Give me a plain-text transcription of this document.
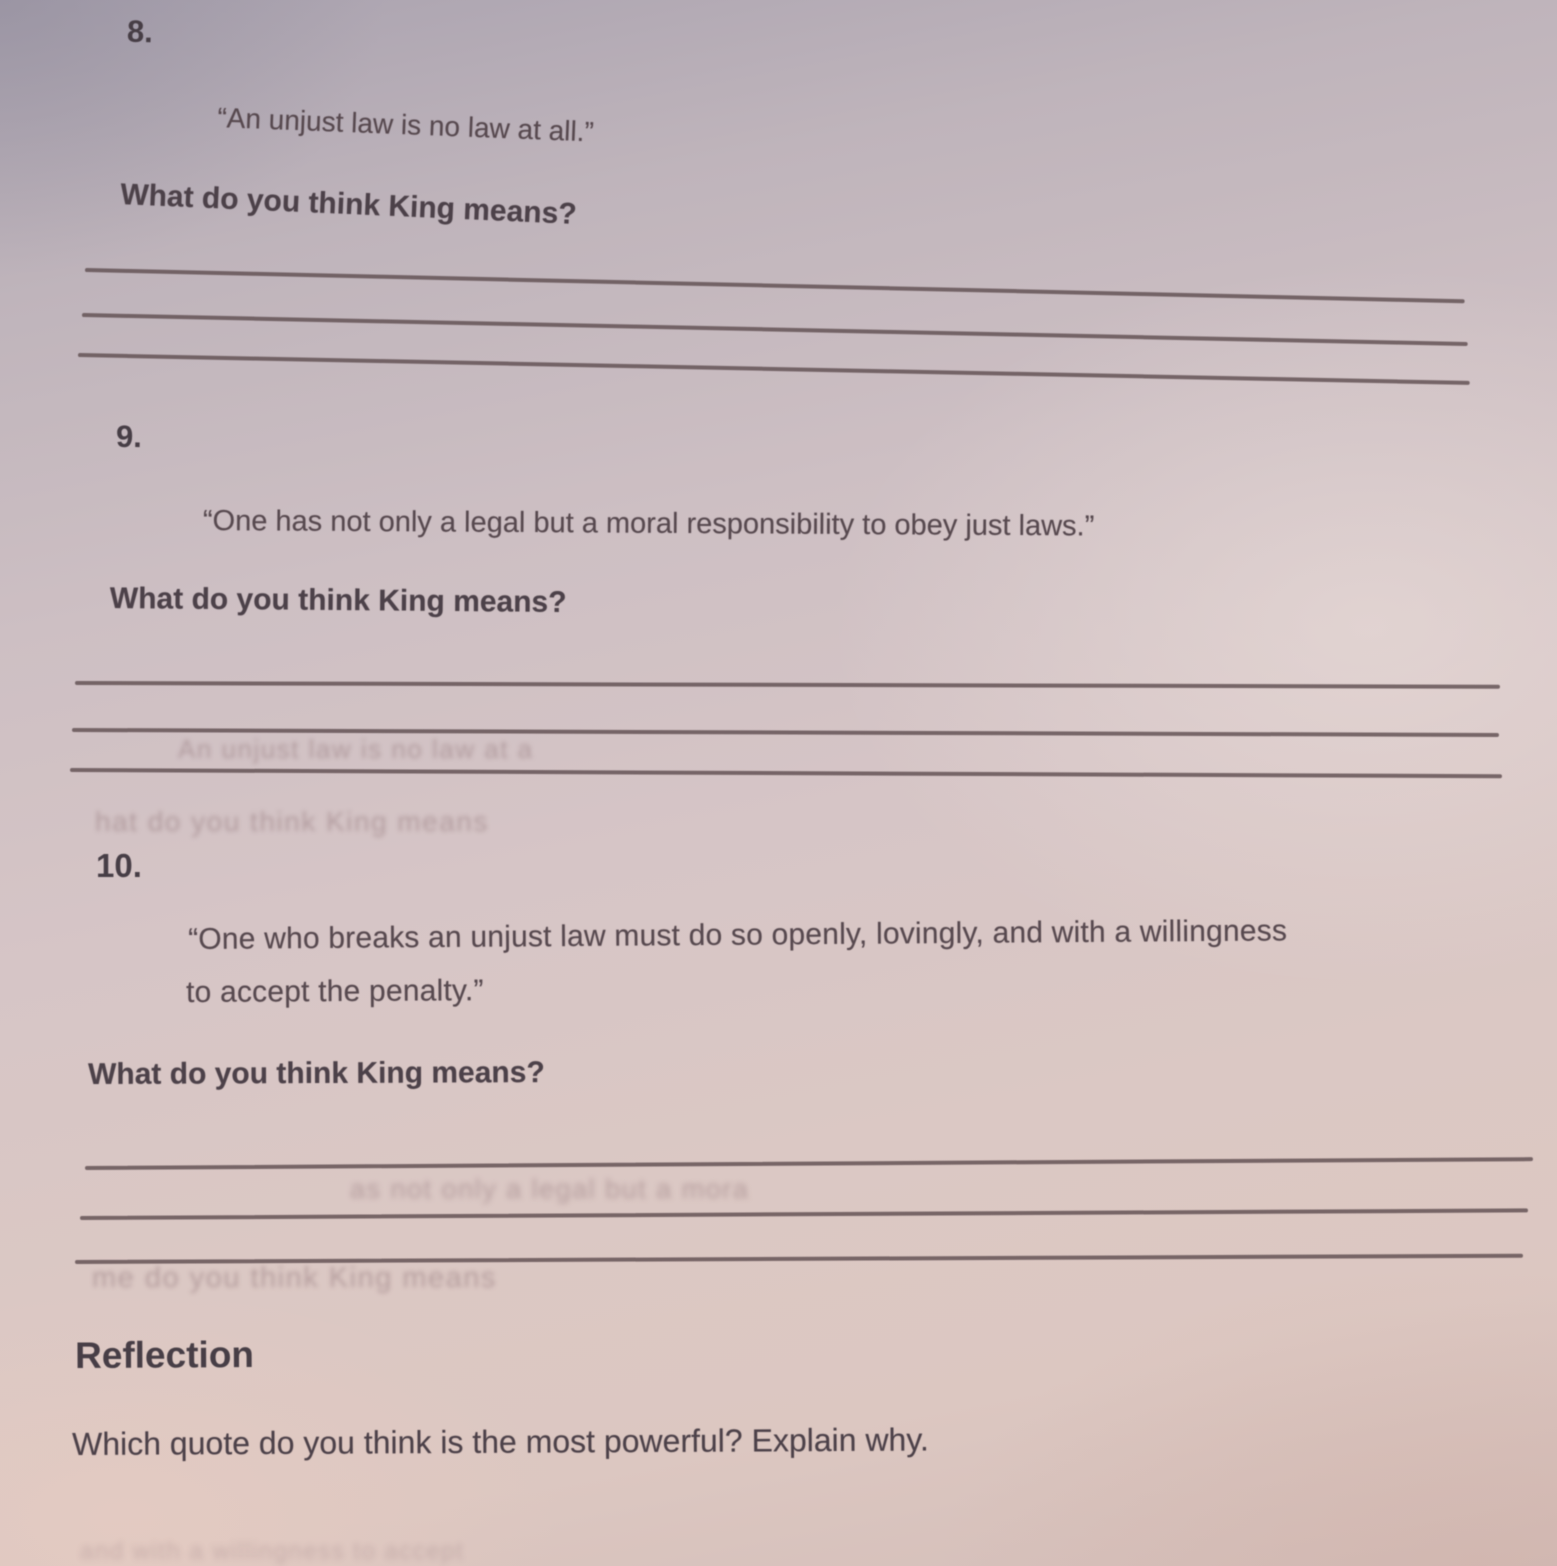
8.
“An unjust law is no law at all.”
What do you think King means?
9.
“One has not only a legal but a moral responsibility to obey just laws.”
What do you think King means?
An unjust law is no law at a
hat do you think King means
10.
“One who breaks an unjust law must do so openly, lovingly, and with a willingness
to accept the penalty.”
What do you think King means?
as not only a legal but a mora
me do you think King means
Reflection
Which quote do you think is the most powerful? Explain why.
and with a willingness to accept
